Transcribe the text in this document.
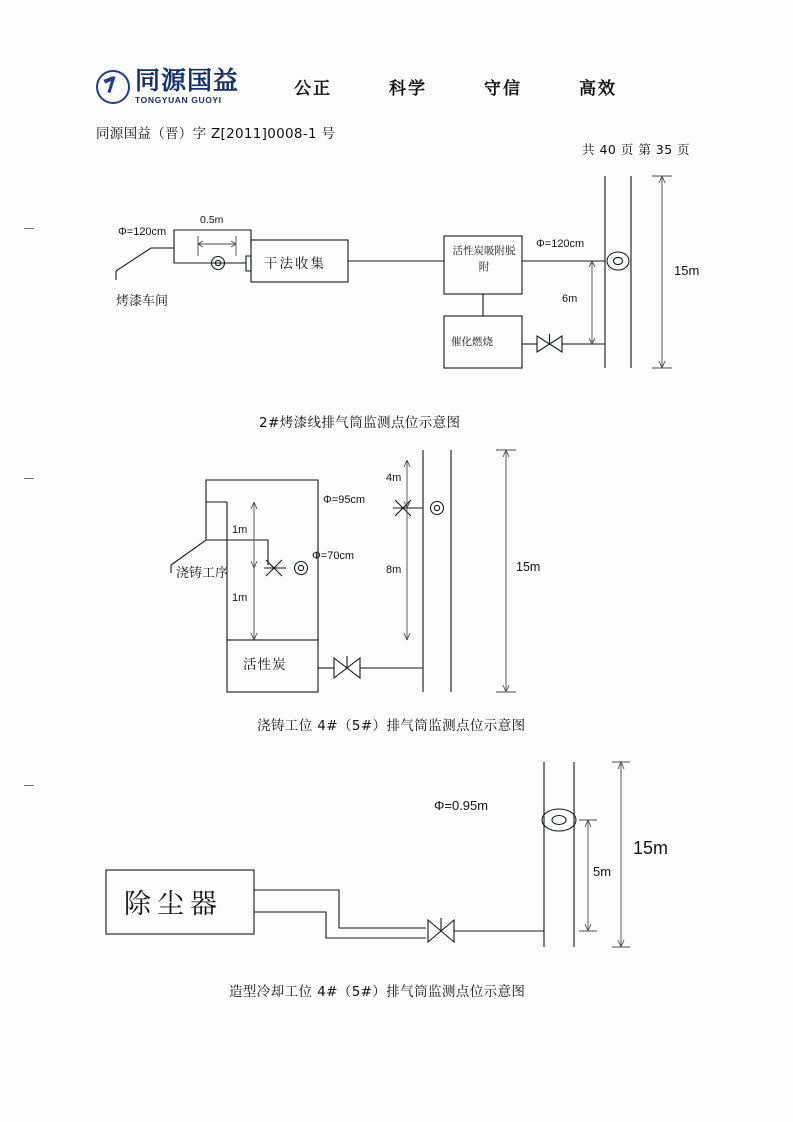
同源国益
TONGYUAN GUOYI
公正	科学	守信	高效
同源国益（晋）字 Z[2011]0008-1 号
共 40 页 第 35 页
Φ=120cm
0.5m
烤漆车间
干法收集
活性炭吸附脱附
催化燃烧
Φ=120cm
6m
15m
2#烤漆线排气筒监测点位示意图
浇铸工序
活性炭
Φ=70cm
Φ=95cm
1m
1m
4m
8m	15m
浇铸工位 4#（5#）排气筒监测点位示意图
除尘器
Φ=0.95m
5m
15m
造型冷却工位 4#（5#）排气筒监测点位示意图
